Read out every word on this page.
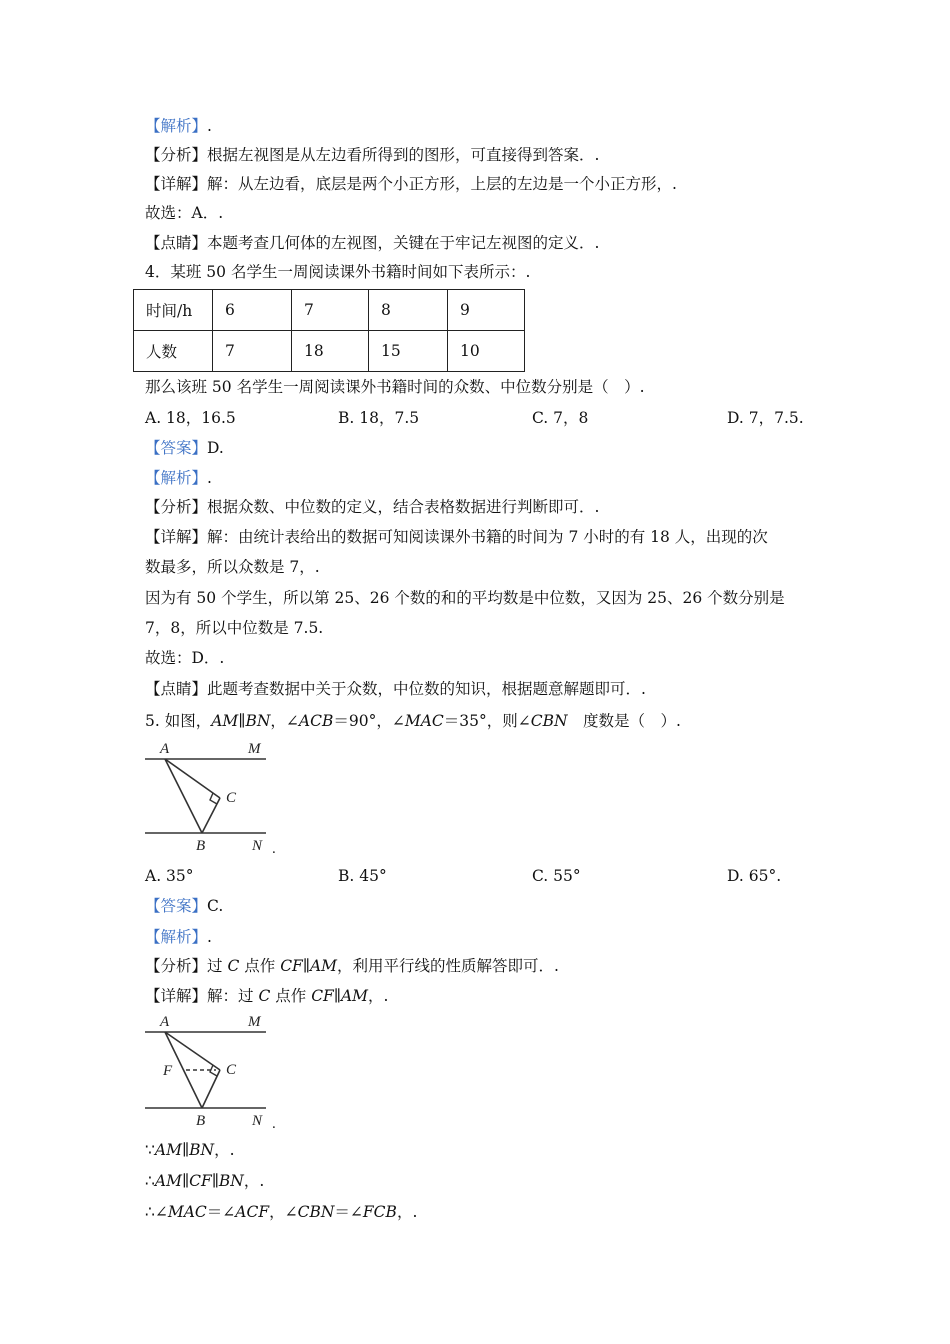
【解析】.
【分析】根据左视图是从左边看所得到的图形，可直接得到答案．.
【详解】解：从左边看，底层是两个小正方形，上层的左边是一个小正方形，.
故选：A．.
【点睛】本题考查几何体的左视图，关键在于牢记左视图的定义．.
4．某班 50 名学生一周阅读课外书籍时间如下表所示：.
时间/h	6	7	8	9
人数	7	18	15	10
那么该班 50 名学生一周阅读课外书籍时间的众数、中位数分别是（　）.
A. 18，16.5	B. 18，7.5	C. 7，8	D. 7，7.5.
【答案】D.
【解析】.
【分析】根据众数、中位数的定义，结合表格数据进行判断即可．.
【详解】解：由统计表给出的数据可知阅读课外书籍的时间为 7 小时的有 18 人，出现的次
数最多，所以众数是 7，.
因为有 50 个学生，所以第 25、26 个数的和的平均数是中位数，又因为 25、26 个数分别是
7，8，所以中位数是 7.5.
故选：D．.
【点睛】此题考查数据中关于众数，中位数的知识，根据题意解题即可．.
5. 如图，AM∥BN，∠ACB＝90°，∠MAC＝35°，则∠CBN　度数是（　）.
A	M
C
B	N .
A. 35°	B. 45°	C. 55°	D. 65°.
【答案】C.
【解析】.
【分析】过 C 点作 CF∥AM，利用平行线的性质解答即可．.
【详解】解：过 C 点作 CF∥AM，.
A	M
F	C
B	N .
∵AM∥BN，.
∴AM∥CF∥BN，.
∴∠MAC＝∠ACF，∠CBN＝∠FCB，.
